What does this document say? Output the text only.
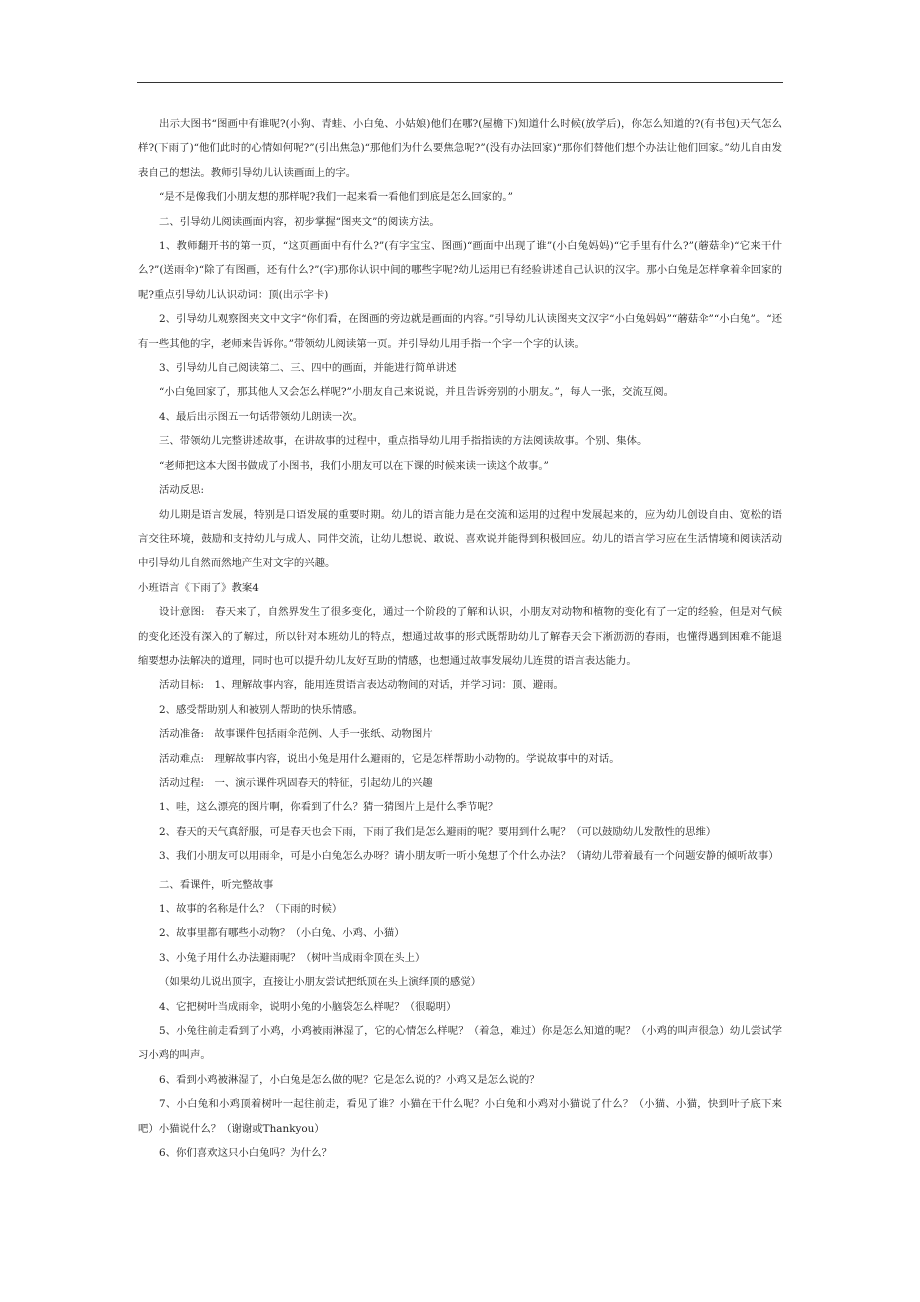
出示大图书“图画中有谁呢?(小狗、青蛙、小白兔、小姑娘)他们在哪?(屋檐下)知道什么时候(放学后)，你怎么知道的?(有书包)天气怎么样?(下雨了)“他们此时的心情如何呢?”(引出焦急)“那他们为什么要焦急呢?”(没有办法回家)“那你们替他们想个办法让他们回家。”幼儿自由发表自己的想法。教师引导幼儿认读画面上的字。

“是不是像我们小朋友想的那样呢?我们一起来看一看他们到底是怎么回家的。”

二、引导幼儿阅读画面内容，初步掌握“图夹文”的阅读方法。

1、教师翻开书的第一页，“这页画面中有什么?”(有字宝宝、图画)“画面中出现了谁”(小白兔妈妈)“它手里有什么?”(蘑菇伞)“它来干什么?”(送雨伞)“除了有图画，还有什么?”(字)那你认识中间的哪些字呢?幼儿运用已有经验讲述自己认识的汉字。那小白兔是怎样拿着伞回家的呢?重点引导幼儿认识动词：顶(出示字卡)

2、引导幼儿观察图夹文中文字“你们看，在图画的旁边就是画面的内容。”引导幼儿认读图夹文汉字“小白兔妈妈”“蘑菇伞”“小白兔”。“还有一些其他的字，老师来告诉你。”带领幼儿阅读第一页。并引导幼儿用手指一个字一个字的认读。

3、引导幼儿自己阅读第二、三、四中的画面，并能进行简单讲述

“小白兔回家了，那其他人又会怎么样呢?”小朋友自己来说说，并且告诉旁别的小朋友。”，每人一张，交流互阅。

4、最后出示图五一句话带领幼儿朗读一次。

三、带领幼儿完整讲述故事，在讲故事的过程中，重点指导幼儿用手指指读的方法阅读故事。个别、集体。

“老师把这本大图书做成了小图书，我们小朋友可以在下课的时候来读一读这个故事。”

活动反思:

幼儿期是语言发展，特别是口语发展的重要时期。幼儿的语言能力是在交流和运用的过程中发展起来的，应为幼儿创设自由、宽松的语言交往环境，鼓励和支持幼儿与成人、同伴交流，让幼儿想说、敢说、喜欢说并能得到积极回应。幼儿的语言学习应在生活情境和阅读活动中引导幼儿自然而然地产生对文字的兴趣。

小班语言《下雨了》教案4

设计意图:　春天来了，自然界发生了很多变化，通过一个阶段的了解和认识，小朋友对动物和植物的变化有了一定的经验，但是对气候的变化还没有深入的了解过，所以针对本班幼儿的特点，想通过故事的形式既帮助幼儿了解春天会下淅沥沥的春雨，也懂得遇到困难不能退缩要想办法解决的道理，同时也可以提升幼儿友好互助的情感，也想通过故事发展幼儿连贯的语言表达能力。

活动目标:　1、理解故事内容，能用连贯语言表达动物间的对话，并学习词：顶、避雨。

2、感受帮助别人和被别人帮助的快乐情感。

活动准备:　故事课件包括雨伞范例、人手一张纸、动物图片

活动难点:　理解故事内容，说出小兔是用什么避雨的，它是怎样帮助小动物的。学说故事中的对话。

活动过程:　一、演示课件巩固春天的特征，引起幼儿的兴趣

1、哇，这么漂亮的图片啊，你看到了什么？猜一猜图片上是什么季节呢？

2、春天的天气真舒服，可是春天也会下雨，下雨了我们是怎么避雨的呢？要用到什么呢？（可以鼓励幼儿发散性的思维）

3、我们小朋友可以用雨伞，可是小白兔怎么办呀？请小朋友听一听小兔想了个什么办法？（请幼儿带着最有一个问题安静的倾听故事）

二、看课件，听完整故事

1、故事的名称是什么？（下雨的时候）

2、故事里都有哪些小动物？（小白兔、小鸡、小猫）

3、小兔子用什么办法避雨呢？（树叶当成雨伞顶在头上）

（如果幼儿说出顶字，直接让小朋友尝试把纸顶在头上演绎顶的感觉）

4、它把树叶当成雨伞，说明小兔的小脑袋怎么样呢？（很聪明）

5、小兔往前走看到了小鸡，小鸡被雨淋湿了，它的心情怎么样呢？（着急，难过）你是怎么知道的呢？（小鸡的叫声很急）幼儿尝试学习小鸡的叫声。

6、看到小鸡被淋湿了，小白兔是怎么做的呢？它是怎么说的？小鸡又是怎么说的？

7、小白兔和小鸡顶着树叶一起往前走，看见了谁？小猫在干什么呢？小白兔和小鸡对小猫说了什么？（小猫、小猫，快到叶子底下来吧）小猫说什么？（谢谢或Thankyou）

6、你们喜欢这只小白兔吗？为什么？
